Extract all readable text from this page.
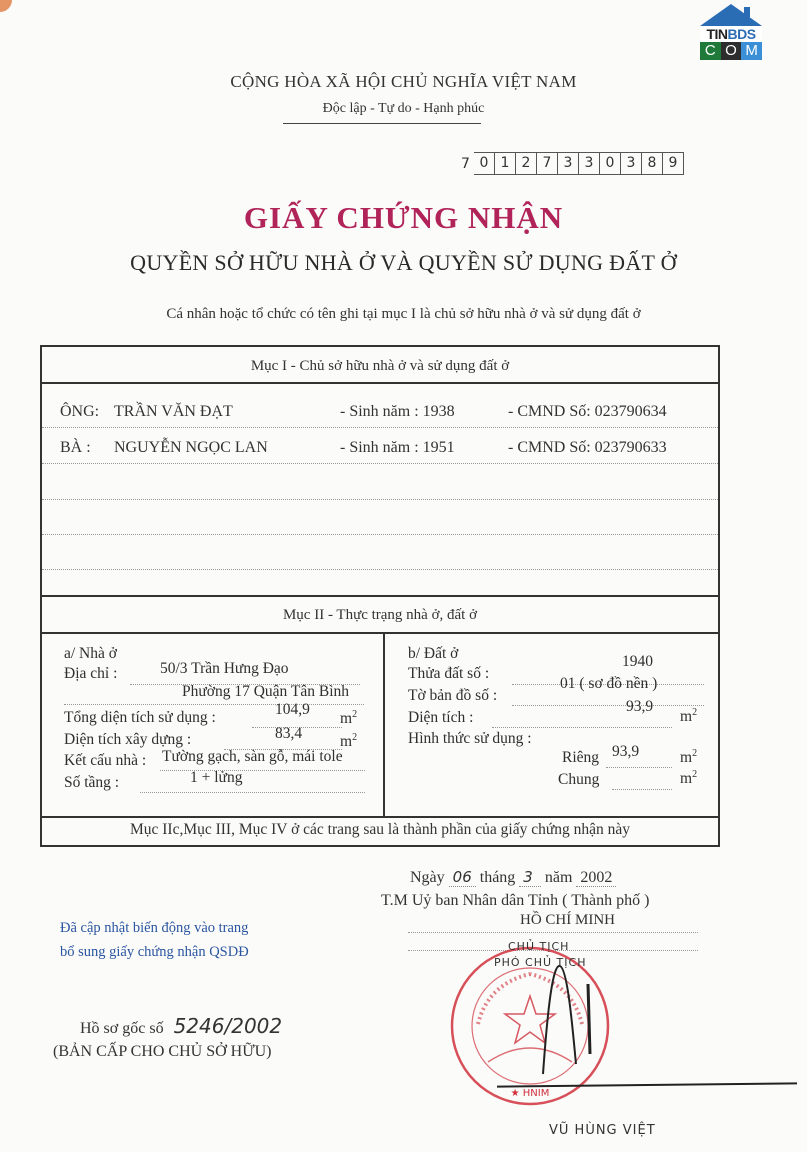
TINBDS
C O M
CỘNG HÒA XÃ HỘI CHỦ NGHĨA VIỆT NAM
Độc lập - Tự do - Hạnh phúc
7 0 1 2 7 3 3 0 3 8 9
GIẤY CHỨNG NHẬN
QUYỀN SỞ HỮU NHÀ Ở VÀ QUYỀN SỬ DỤNG ĐẤT Ở
Cá nhân hoặc tổ chức có tên ghi tại mục I là chủ sở hữu nhà ở và sử dụng đất ở
Mục I - Chủ sở hữu nhà ở và sử dụng đất ở
ÔNG: TRẦN VĂN ĐẠT	- Sinh năm : 1938	- CMND Số: 023790634
BÀ : NGUYỄN NGỌC LAN	- Sinh năm : 1951	- CMND Số: 023790633
Mục II - Thực trạng nhà ở, đất ở
a/ Nhà ở
Địa chỉ :	50/3 Trần Hưng Đạo
Phường 17 Quận Tân Bình
Tổng diện tích sử dụng :	104,9
$m^2$
Diện tích xây dựng :	83,4 $m^2$
Kết cấu nhà : Tường gạch, sàn gỗ, mái tole
Số tầng :	1 + lửng
b/ Đất ở
Thửa đất số :
1940
Tờ bản đồ số :
01 ( sơ đồ nền )
Diện tích :
93,9
$m^2$
Hình thức sử dụng :
Riêng 93,9	$m^2$
Chung	$m^2$
Mục IIc,Mục III, Mục IV ở các trang sau là thành phần của giấy chứng nhận này
Ngày 06 tháng 3 năm 2002
T.M Uỷ ban Nhân dân Tỉnh ( Thành phố )
HỒ CHÍ MINH
Đã cập nhật biến động vào trang
bổ sung giấy chứng nhận QSDĐ
Hồ sơ gốc số 5246/2002
(BẢN CẤP CHO CHỦ SỞ HỮU)
★ HNIM
CHỦ TỊCH
PHÓ CHỦ TỊCH
VŨ HÙNG VIỆT
